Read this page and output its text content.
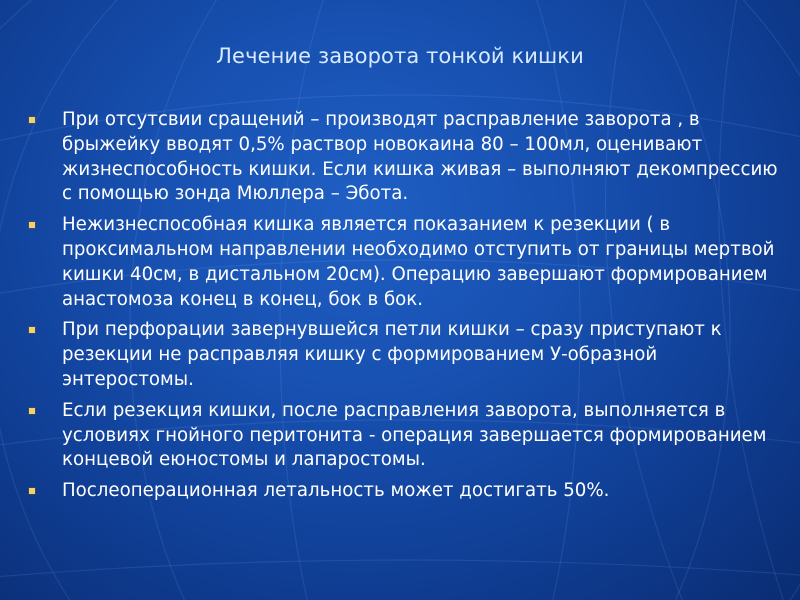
Лечение заворота тонкой кишки
При отсутсвии сращений – производят расправление заворота , в брыжейку вводят 0,5% раствор новокаина 80 – 100мл, оценивают жизнеспособность кишки. Если кишка живая – выполняют декомпрессию с помощью зонда Мюллера – Эбота.
Нежизнеспособная кишка является показанием к резекции ( в проксимальном направлении необходимо отступить от границы мертвой кишки 40см, в дистальном 20см). Операцию завершают формированием анастомоза конец в конец, бок в бок.
При перфорации завернувшейся петли кишки – сразу приступают к резекции не расправляя кишку с формированием У-образной энтеростомы.
Если резекция кишки, после расправления заворота, выполняется в условиях гнойного перитонита - операция завершается формированием концевой еюностомы и лапаростомы.
Послеоперационная летальность может достигать 50%.
